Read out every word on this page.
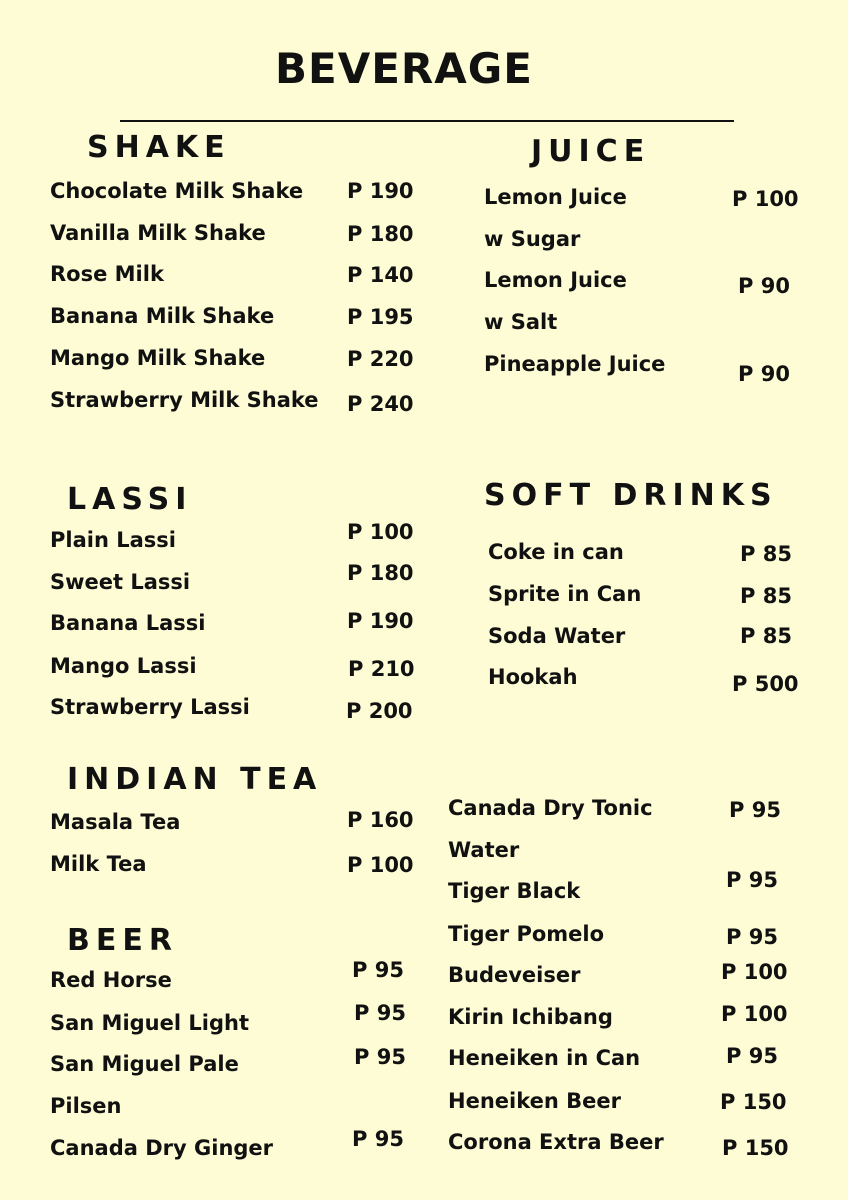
BEVERAGE
SHAKE
Chocolate Milk Shake P 190
Vanilla Milk Shake	P 180
Rose Milk	P 140
Banana Milk Shake	P 195
Mango Milk Shake	P 220
Strawberry Milk Shake P 240
JUICE
Lemon Juice
w Sugar
P 100
Lemon Juice
w Salt
P 90
Pineapple Juice	P 90
LASSI
Plain Lassi	P 100
Sweet Lassi	P 180
Banana Lassi	P 190
Mango Lassi	P 210
Strawberry Lassi	P 200
SOFT DRINKS
Coke in can	P 85
Sprite in Can	P 85
Soda Water	P 85
Hookah	P 500
INDIAN TEA
Masala Tea	P 160
Milk Tea	P 100
BEER
Red Horse	P 95
San Miguel Light	P 95
San Miguel Pale
Pilsen
P 95
Canada Dry Ginger	P 95
Canada Dry Tonic
Water
P 95
Tiger Black	P 95
Tiger Pomelo	P 95
Budeveiser	P 100
Kirin Ichibang	P 100
Heneiken in Can	P 95
Heneiken Beer	P 150
Corona Extra Beer	P 150
